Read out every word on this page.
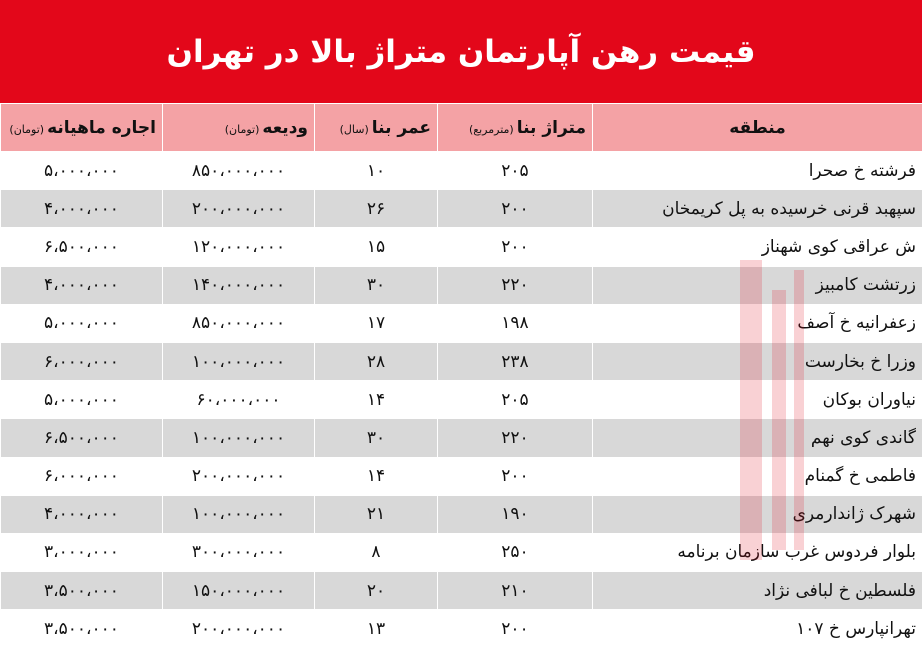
قیمت رهن آپارتمان متراژ بالا در تهران
منطقه	متراژ بنا(مترمربع)	عمر بنا(سال)	ودیعه(تومان)	اجاره ماهیانه(تومان)
فرشته خ صحرا	۲۰۵	۱۰	۸۵۰،۰۰۰،۰۰۰	۵،۰۰۰،۰۰۰
سپهبد قرنی خرسیده به پل کریمخان	۲۰۰	۲۶	۲۰۰،۰۰۰،۰۰۰	۴،۰۰۰،۰۰۰
ش عراقی کوی شهناز	۲۰۰	۱۵	۱۲۰،۰۰۰،۰۰۰	۶،۵۰۰،۰۰۰
زرتشت کامبیز	۲۲۰	۳۰	۱۴۰،۰۰۰،۰۰۰	۴،۰۰۰،۰۰۰
زعفرانیه خ آصف	۱۹۸	۱۷	۸۵۰،۰۰۰،۰۰۰	۵،۰۰۰،۰۰۰
وزرا خ بخارست	۲۳۸	۲۸	۱۰۰،۰۰۰،۰۰۰	۶،۰۰۰،۰۰۰
نیاوران بوکان	۲۰۵	۱۴	۶۰،۰۰۰،۰۰۰	۵،۰۰۰،۰۰۰
گاندی کوی نهم	۲۲۰	۳۰	۱۰۰،۰۰۰،۰۰۰	۶،۵۰۰،۰۰۰
فاطمی خ گمنام	۲۰۰	۱۴	۲۰۰،۰۰۰،۰۰۰	۶،۰۰۰،۰۰۰
شهرک ژاندارمری	۱۹۰	۲۱	۱۰۰،۰۰۰،۰۰۰	۴،۰۰۰،۰۰۰
بلوار فردوس غرب سازمان برنامه	۲۵۰	۸	۳۰۰،۰۰۰،۰۰۰	۳،۰۰۰،۰۰۰
فلسطین خ لبافی نژاد	۲۱۰	۲۰	۱۵۰،۰۰۰،۰۰۰	۳،۵۰۰،۰۰۰
تهرانپارس خ ۱۰۷	۲۰۰	۱۳	۲۰۰،۰۰۰،۰۰۰	۳،۵۰۰،۰۰۰
